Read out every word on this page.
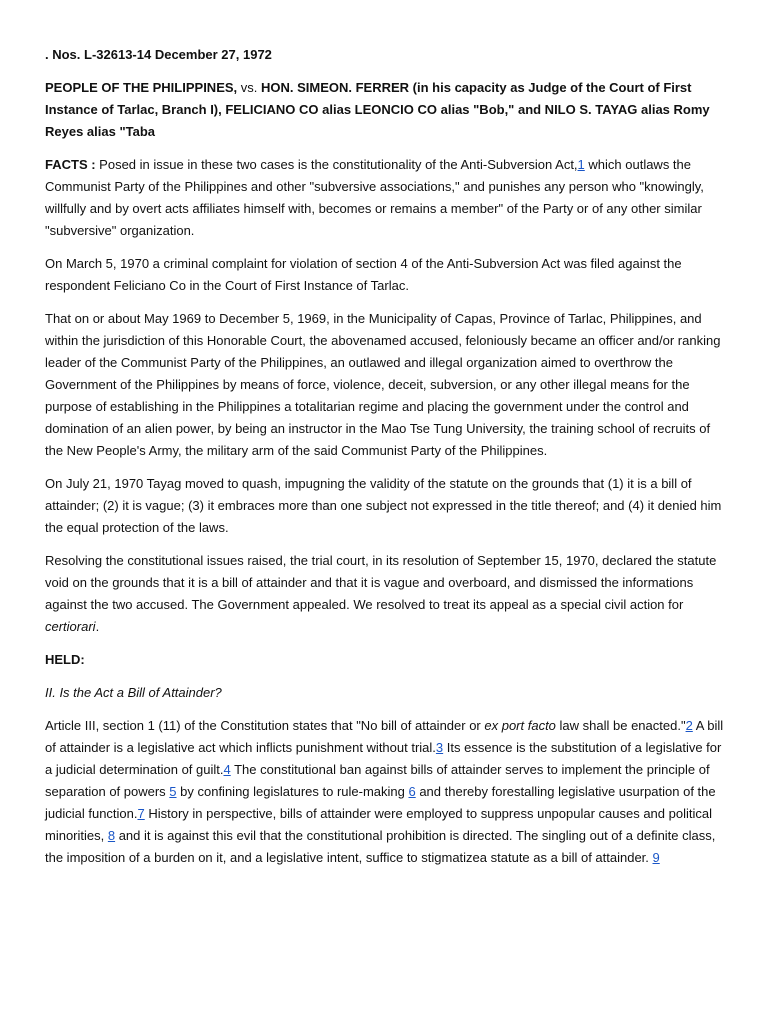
. Nos. L-32613-14 December 27, 1972

PEOPLE OF THE PHILIPPINES, vs. HON. SIMEON. FERRER (in his capacity as Judge of the Court of First Instance of Tarlac, Branch I), FELICIANO CO alias LEONCIO CO alias "Bob," and NILO S. TAYAG alias Romy Reyes alias "Taba

FACTS : Posed in issue in these two cases is the constitutionality of the Anti-Subversion Act,1 which outlaws the Communist Party of the Philippines and other "subversive associations," and punishes any person who "knowingly, willfully and by overt acts affiliates himself with, becomes or remains a member" of the Party or of any other similar "subversive" organization.

On March 5, 1970 a criminal complaint for violation of section 4 of the Anti-Subversion Act was filed against the respondent Feliciano Co in the Court of First Instance of Tarlac.

That on or about May 1969 to December 5, 1969, in the Municipality of Capas, Province of Tarlac, Philippines, and within the jurisdiction of this Honorable Court, the abovenamed accused, feloniously became an officer and/or ranking leader of the Communist Party of the Philippines, an outlawed and illegal organization aimed to overthrow the Government of the Philippines by means of force, violence, deceit, subversion, or any other illegal means for the purpose of establishing in the Philippines a totalitarian regime and placing the government under the control and domination of an alien power, by being an instructor in the Mao Tse Tung University, the training school of recruits of the New People's Army, the military arm of the said Communist Party of the Philippines.

On July 21, 1970 Tayag moved to quash, impugning the validity of the statute on the grounds that (1) it is a bill of attainder; (2) it is vague; (3) it embraces more than one subject not expressed in the title thereof; and (4) it denied him the equal protection of the laws.

Resolving the constitutional issues raised, the trial court, in its resolution of September 15, 1970, declared the statute void on the grounds that it is a bill of attainder and that it is vague and overboard, and dismissed the informations against the two accused. The Government appealed. We resolved to treat its appeal as a special civil action for certiorari.

HELD:

II. Is the Act a Bill of Attainder?

Article III, section 1 (11) of the Constitution states that "No bill of attainder or ex port facto law shall be enacted."2 A bill of attainder is a legislative act which inflicts punishment without trial.3 Its essence is the substitution of a legislative for a judicial determination of guilt.4 The constitutional ban against bills of attainder serves to implement the principle of separation of powers 5 by confining legislatures to rule-making 6 and thereby forestalling legislative usurpation of the judicial function.7 History in perspective, bills of attainder were employed to suppress unpopular causes and political minorities, 8 and it is against this evil that the constitutional prohibition is directed. The singling out of a definite class, the imposition of a burden on it, and a legislative intent, suffice to stigmatizea statute as a bill of attainder. 9
